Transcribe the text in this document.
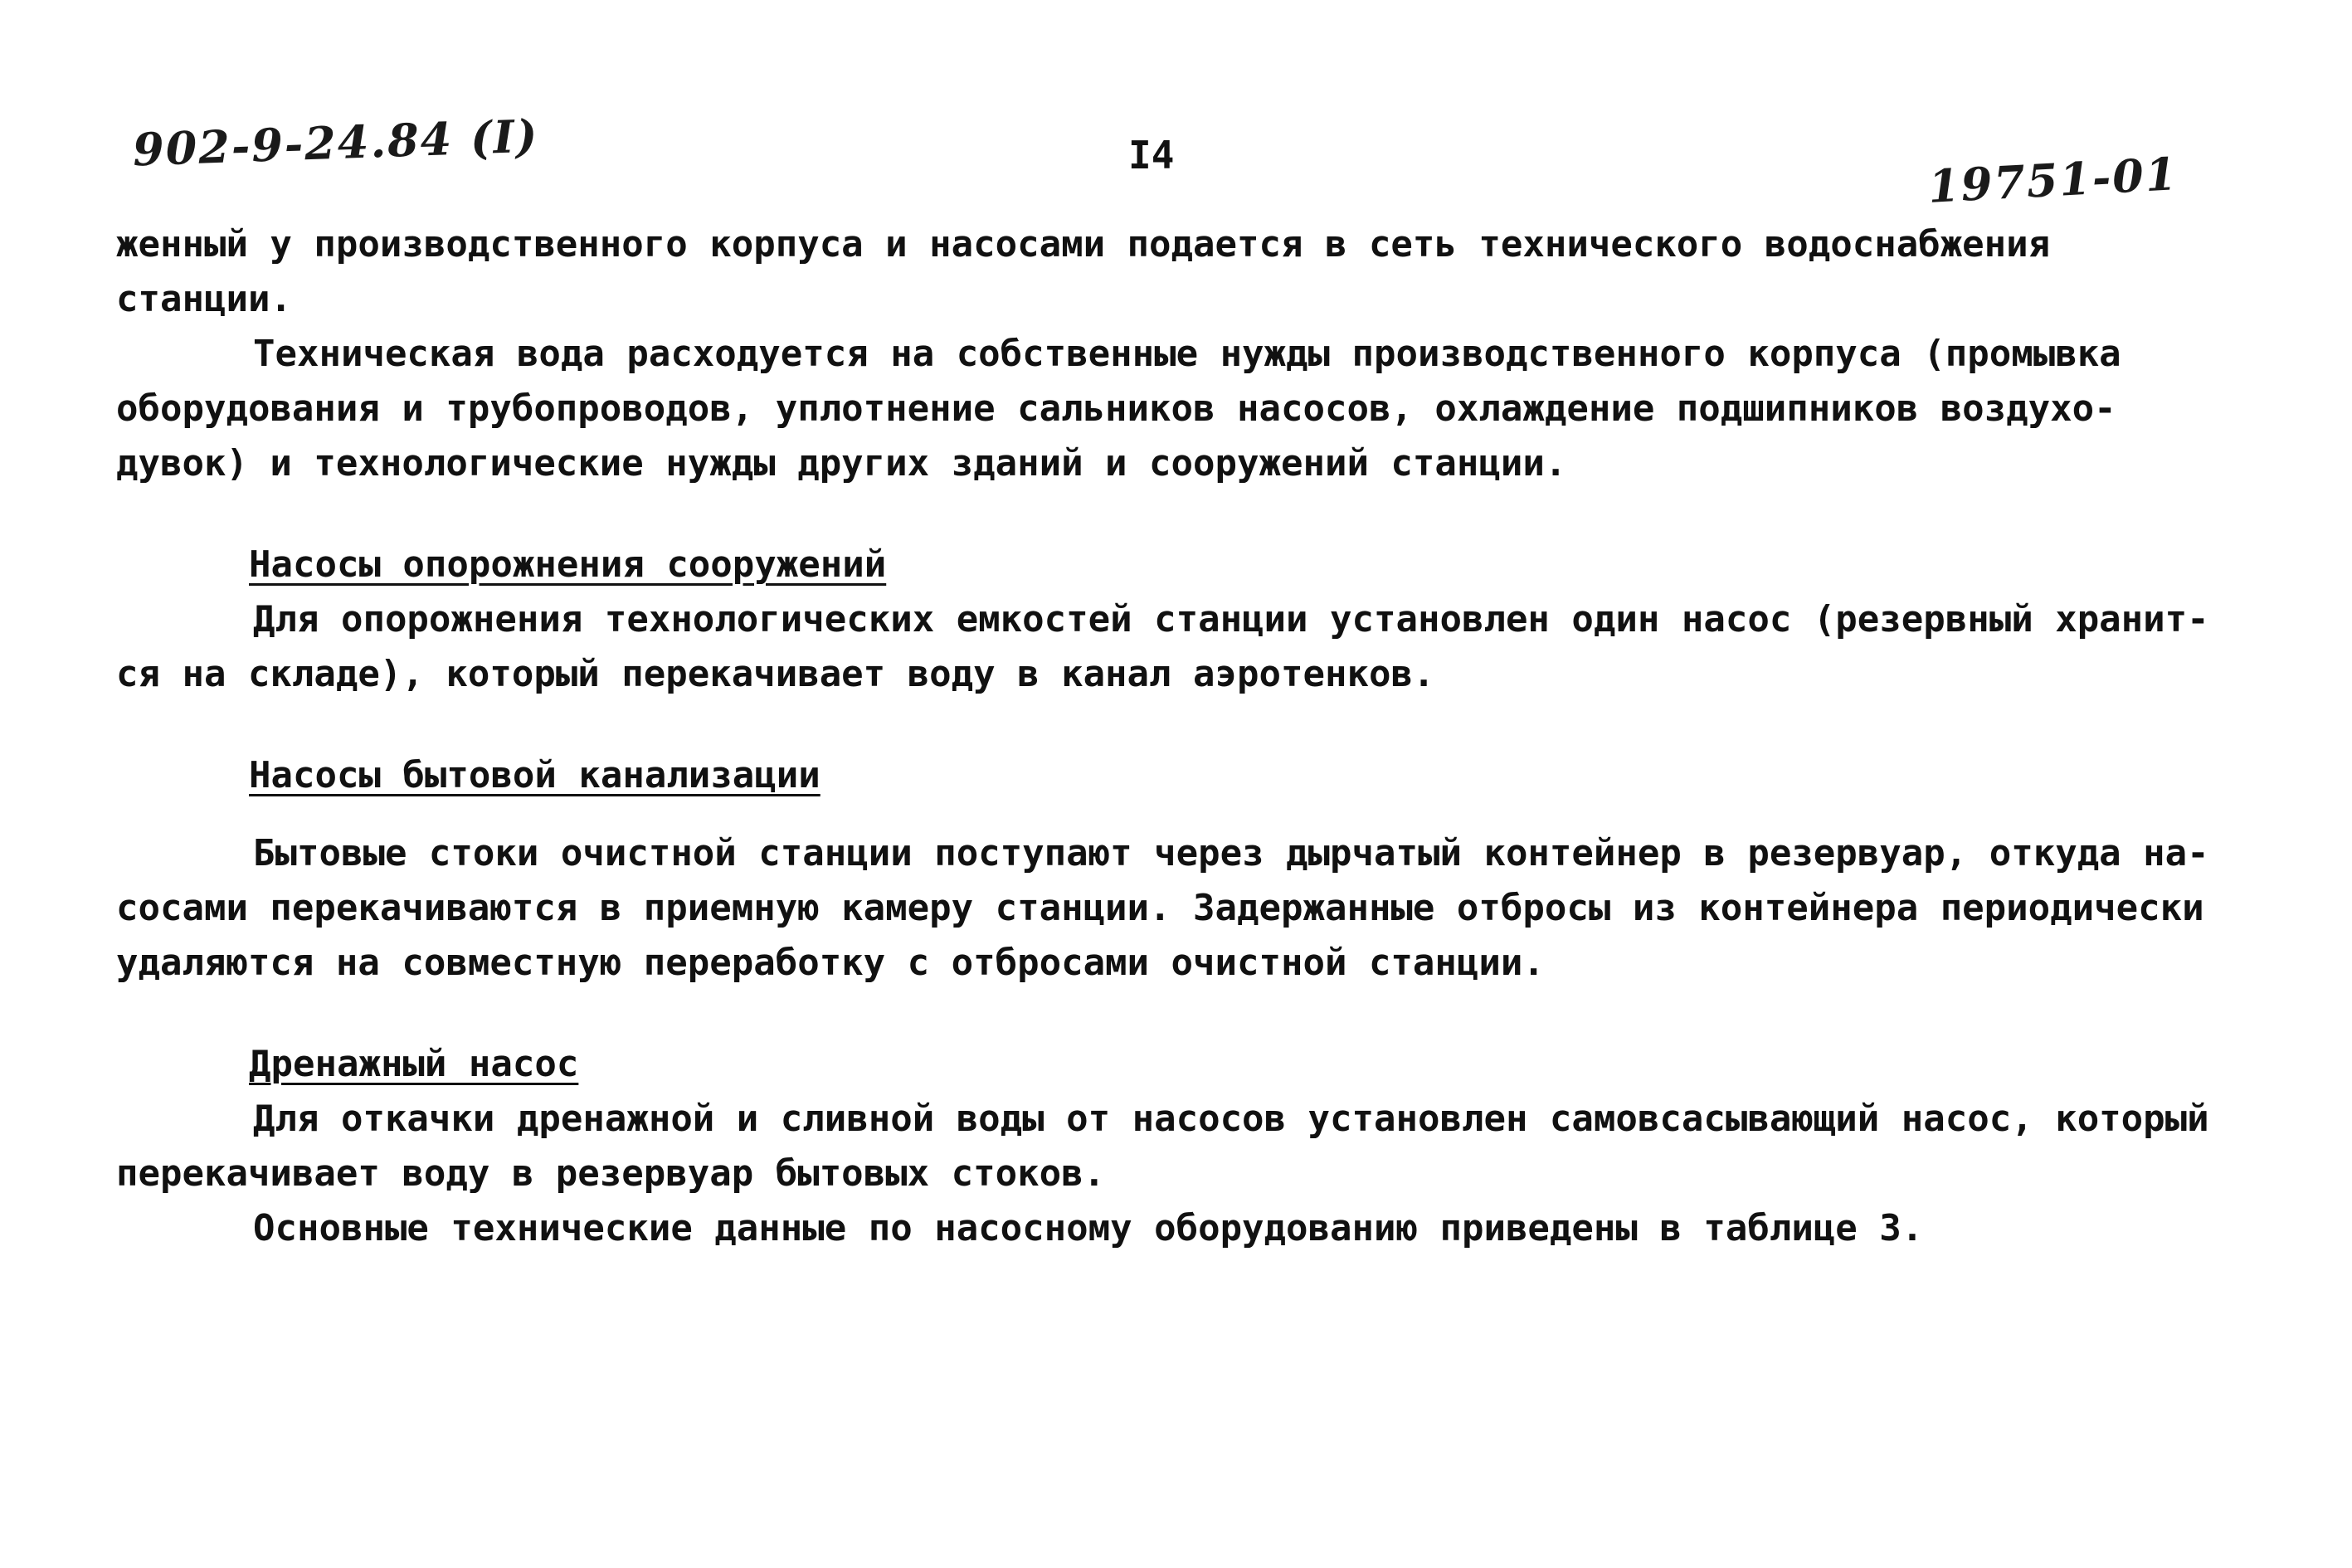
902-9-24.84 (I)	I4	19751-01
женный у производственного корпуса и насосами подается в сеть технического водоснабжения
станции.
Техническая вода расходуется на собственные нужды производственного корпуса (промывка
оборудования и трубопроводов, уплотнение сальников насосов, охлаждение подшипников воздухо-
дувок) и технологические нужды других зданий и сооружений станции.
Насосы опорожнения сооружений
Для опорожнения технологических емкостей станции установлен один насос (резервный хранит-
ся на складе), который перекачивает воду в канал аэротенков.
Насосы бытовой канализации
Бытовые стоки очистной станции поступают через дырчатый контейнер в резервуар, откуда на-
сосами перекачиваются в приемную камеру станции. Задержанные отбросы из контейнера периодически
удаляются на совместную переработку с отбросами очистной станции.
Дренажный насос
Для откачки дренажной и сливной воды от насосов установлен самовсасывающий насос, который
перекачивает воду в резервуар бытовых стоков.
Основные технические данные по насосному оборудованию приведены в таблице 3.
